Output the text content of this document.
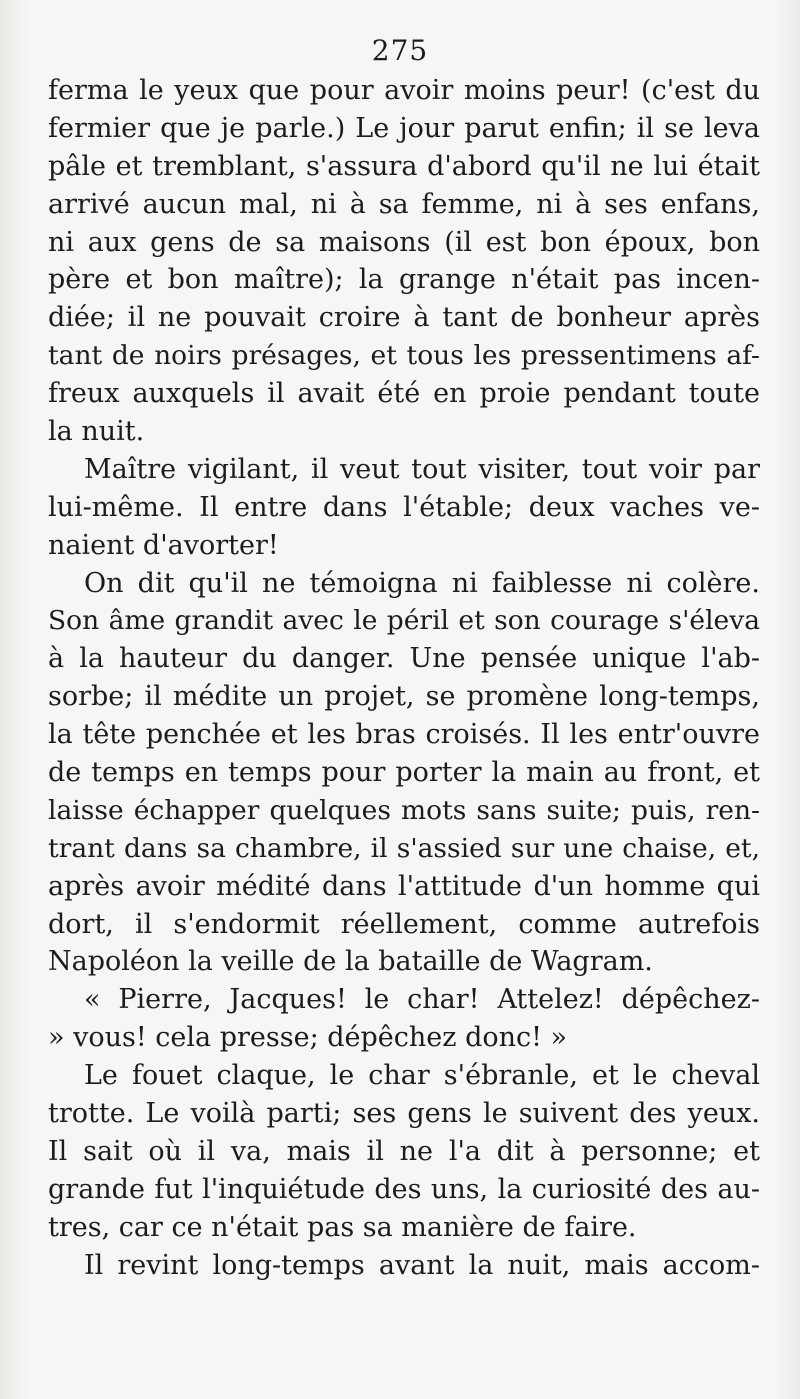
275
ferma le yeux que pour avoir moins peur! (c'est du
fermier que je parle.) Le jour parut enfin; il se leva
pâle et tremblant, s'assura d'abord qu'il ne lui était
arrivé aucun mal, ni à sa femme, ni à ses enfans,
ni aux gens de sa maisons (il est bon époux, bon
père et bon maître); la grange n'était pas incen-
diée; il ne pouvait croire à tant de bonheur après
tant de noirs présages, et tous les pressentimens af-
freux auxquels il avait été en proie pendant toute
la nuit.
Maître vigilant, il veut tout visiter, tout voir par
lui-même. Il entre dans l'étable; deux vaches ve-
naient d'avorter!
On dit qu'il ne témoigna ni faiblesse ni colère.
Son âme grandit avec le péril et son courage s'éleva
à la hauteur du danger. Une pensée unique l'ab-
sorbe; il médite un projet, se promène long-temps,
la tête penchée et les bras croisés. Il les entr'ouvre
de temps en temps pour porter la main au front, et
laisse échapper quelques mots sans suite; puis, ren-
trant dans sa chambre, il s'assied sur une chaise, et,
après avoir médité dans l'attitude d'un homme qui
dort, il s'endormit réellement, comme autrefois
Napoléon la veille de la bataille de Wagram.
« Pierre, Jacques! le char! Attelez! dépêchez-
» vous! cela presse; dépêchez donc! »
Le fouet claque, le char s'ébranle, et le cheval
trotte. Le voilà parti; ses gens le suivent des yeux.
Il sait où il va, mais il ne l'a dit à personne; et
grande fut l'inquiétude des uns, la curiosité des au-
tres, car ce n'était pas sa manière de faire.
Il revint long-temps avant la nuit, mais accom-
